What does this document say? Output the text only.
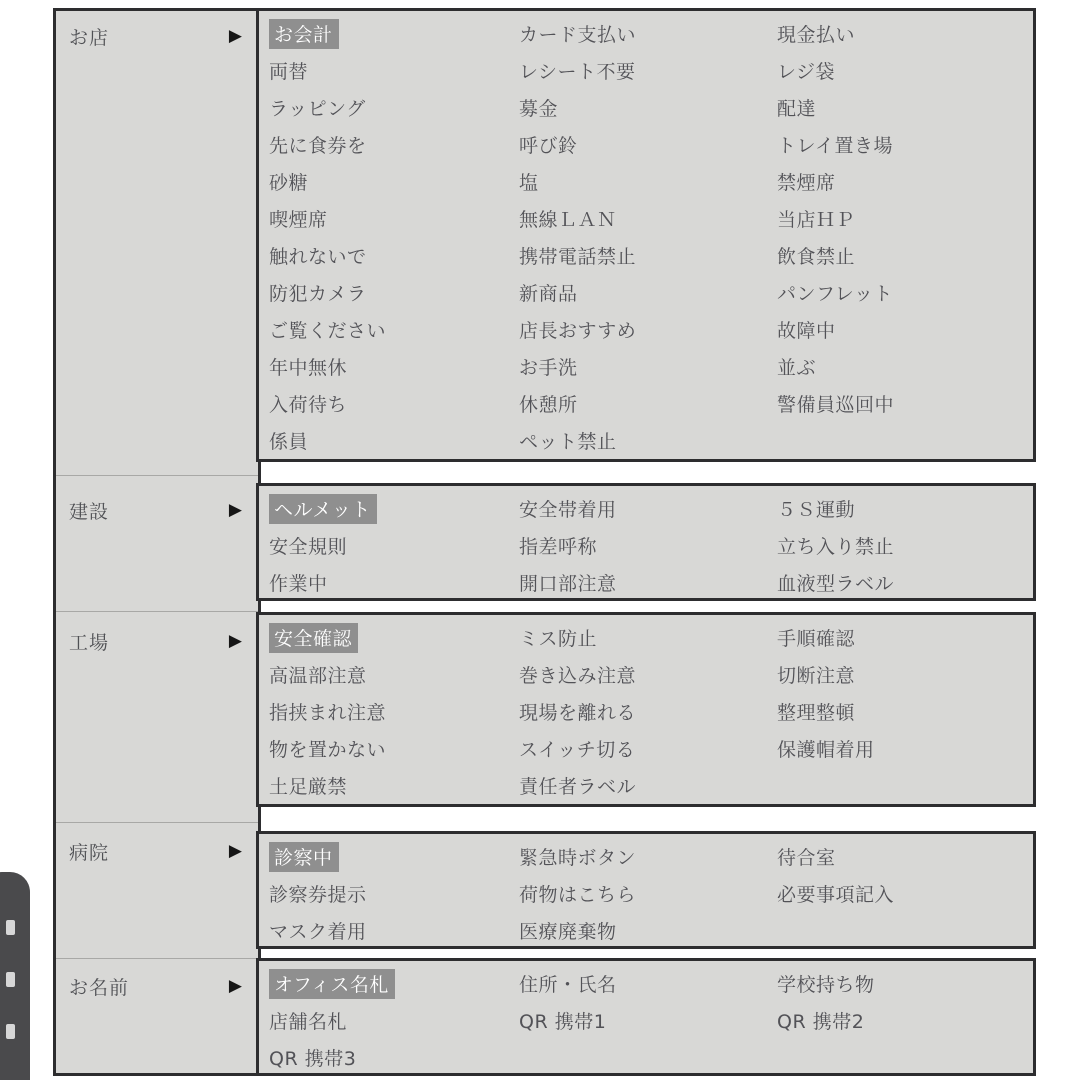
お店	▶
建設	▶
工場	▶
病院	▶
お名前	▶
お会計	カード支払い	現金払い
両替	レシート不要	レジ袋
ラッピング	募金	配達
先に食券を	呼び鈴	トレイ置き場
砂糖	塩	禁煙席
喫煙席	無線ＬＡＮ	当店ＨＰ
触れないで	携帯電話禁止	飲食禁止
防犯カメラ	新商品	パンフレット
ご覧ください	店長おすすめ	故障中
年中無休	お手洗	並ぶ
入荷待ち	休憩所	警備員巡回中
係員	ペット禁止
ヘルメット	安全帯着用	５Ｓ運動
安全規則	指差呼称	立ち入り禁止
作業中	開口部注意	血液型ラベル
安全確認	ミス防止	手順確認
高温部注意	巻き込み注意	切断注意
指挟まれ注意	現場を離れる	整理整頓
物を置かない	スイッチ切る	保護帽着用
土足厳禁	責任者ラベル
診察中	緊急時ボタン	待合室
診察券提示	荷物はこちら	必要事項記入
マスク着用	医療廃棄物
オフィス名札	住所・氏名	学校持ち物
店舗名札	QR 携帯1	QR 携帯2
QR 携帯3
